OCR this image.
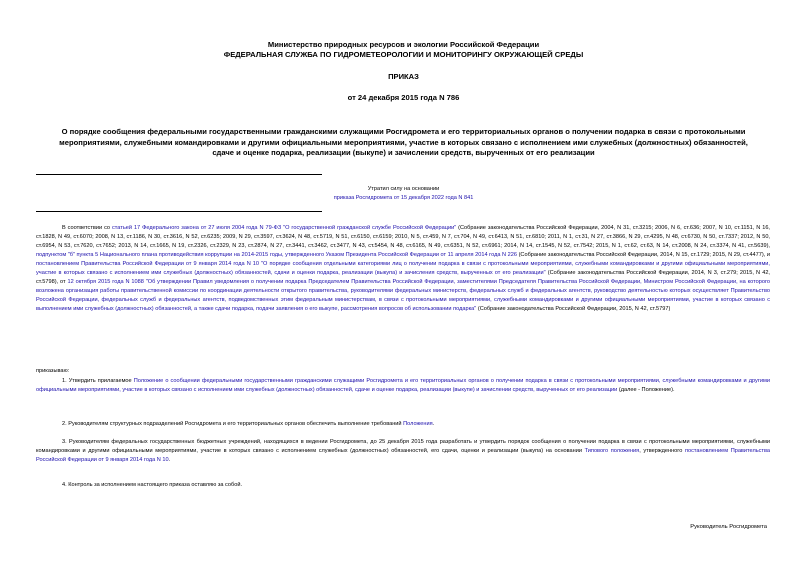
Министерство природных ресурсов и экологии Российской Федерации
ФЕДЕРАЛЬНАЯ СЛУЖБА ПО ГИДРОМЕТЕОРОЛОГИИ И МОНИТОРИНГУ ОКРУЖАЮЩЕЙ СРЕДЫ
ПРИКАЗ
от 24 декабря 2015 года N 786
О порядке сообщения федеральными государственными гражданскими служащими Росгидромета и его территориальных органов о получении подарка в связи с протокольными мероприятиями, служебными командировками и другими официальными мероприятиями, участие в которых связано с исполнением ими служебных (должностных) обязанностей, сдаче и оценке подарка, реализации (выкупе) и зачислении средств, вырученных от его реализации
Утратил силу на основании
приказа Росгидромета от 15 декабря 2022 года N 841
В соответствии со статьей 17 Федерального закона от 27 июля 2004 года N 79-ФЗ "О государственной гражданской службе Российской Федерации" (Собрание законодательства Российской Федерации, 2004, N 31, ст.3215; 2006, N 6, ст.636; 2007, N 10, ст.1151, N 16, ст.1828, N 49, ст.6070; 2008, N 13, ст.1186, N 30, ст.3616, N 52, ст.6235; 2009, N 29, ст.3597, ст.3624, N 48, ст.5719, N 51, ст.6150, ст.6159; 2010, N 5, ст.459, N 7, ст.704, N 49, ст.6413, N 51, ст.6810; 2011, N 1, ст.31, N 27, ст.3866, N 29, ст.4295, N 48, ст.6730, N 50, ст.7337; 2012, N 50, ст.6954, N 53, ст.7620, ст.7652; 2013, N 14, ст.1665, N 19, ст.2326, ст.2329, N 23, ст.2874, N 27, ст.3441, ст.3462, ст.3477, N 43, ст.5454, N 48, ст.6165, N 49, ст.6351, N 52, ст.6961; 2014, N 14, ст.1545, N 52, ст.7542; 2015, N 1, ст.62, ст.63, N 14, ст.2008, N 24, ст.3374, N 41, ст.5639), подпунктом "б" пункта 5 Национального плана противодействия коррупции на 2014-2015 годы, утвержденного Указом Президента Российской Федерации от 11 апреля 2014 года N 226 (Собрание законодательства Российской Федерации, 2014, N 15, ст.1729; 2015, N 29, ст.4477), и постановлением Правительства Российской Федерации от 9 января 2014 года N 10 "О порядке сообщения отдельными категориями лиц о получении подарка в связи с протокольными мероприятиями, служебными командировками и другими официальными мероприятиями, участие в которых связано с исполнением ими служебных (должностных) обязанностей, сдачи и оценки подарка, реализации (выкупа) и зачисления средств, вырученных от его реализации" (Собрание законодательства Российской Федерации, 2014, N 3, ст.279; 2015, N 42, ст.5798), от 12 октября 2015 года N 1088 "Об утверждении Правил уведомления о получении подарка Председателем Правительства Российской Федерации, заместителями Председателя Правительства Российской Федерации, Министром Российской Федерации, на которого возложена организация работы правительственной комиссии по координации деятельности открытого правительства, руководителями федеральных министерств, федеральных служб и федеральных агентств, руководство деятельностью которых осуществляет Правительство Российской Федерации, федеральных служб и федеральных агентств, подведомственных этим федеральным министерствам, в связи с протокольными мероприятиями, служебными командировками и другими официальными мероприятиями, участие в которых связано с выполнением ими служебных (должностных) обязанностей, а также сдачи подарка, подачи заявления о его выкупе, рассмотрения вопросов об использовании подарка" (Собрание законодательства Российской Федерации, 2015, N 42, ст.5797)
приказываю:
1. Утвердить прилагаемое Положение о сообщении федеральными государственными гражданскими служащими Росгидромета и его территориальных органов о получении подарка в связи с протокольными мероприятиями, служебными командировками и другими официальными мероприятиями, участие в которых связано с исполнением ими служебных (должностных) обязанностей, сдаче и оценке подарка, реализации (выкупе) и зачислении средств, вырученных от его реализации (далее - Положение).
2. Руководителям структурных подразделений Росгидромета и его территориальных органов обеспечить выполнение требований Положения.
3. Руководителям федеральных государственных бюджетных учреждений, находящихся в ведении Росгидромета, до 25 декабря 2015 года разработать и утвердить порядок сообщения о получении подарка в связи с протокольными мероприятиями, служебными командировками и другими официальными мероприятиями, участие в которых связано с исполнением служебных (должностных) обязанностей, его сдачи, оценки и реализации (выкупа) на основании Типового положения, утвержденного постановлением Правительства Российской Федерации от 9 января 2014 года N 10.
4. Контроль за исполнением настоящего приказа оставляю за собой.
Руководитель Росгидромета
